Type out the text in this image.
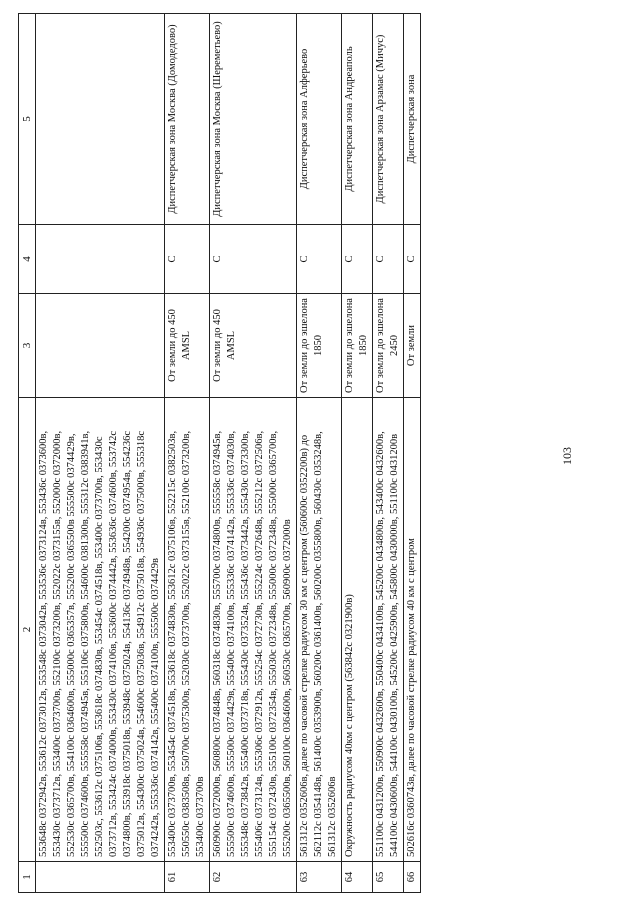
1	2	3	4	5
	553648с 0372942в, 553612с 0373012в, 553548с 0373042в, 553536с 0373124в, 553436с 0373600в, 553430с 0373712в, 553400с 0373700в, 552100с 0373200в, 552022с 0373155в, 552000с 0372000в, 552530с 0365700в, 554100с 0364600в, 555000с 0365357в, 555200с 0365500в 555500с 0374429в, 555500с 0374600в, 555558с 0374945в, 555106с 0375800в, 554600с 0381300в, 555312с 0383941в, 552503с, 553612с 0375106в, 553618с 0374830в, 553454с 0374518в, 553400с 0373700в, 553430с 0373712в, 553424с 0374000в, 553430с 0374106в, 553600с 0374442в, 553636с 0374600в, 553742с 0374800в, 553918с 0375018в, 553948с 0375024в, 554136с 0374948в, 554200с 0374954в, 554236с 0375012в, 554300с 0375024в, 554600с 0375036в, 554912с 0375018в, 554936с 0375000в, 555318с 0374242в, 555336с 0374142в, 555400с 0374100в, 555500с 0374429в			
61	553400с 0373700в, 553454с 0374518в, 553618с 0374830в, 553612с 0375106в, 552215с 0382503в, 550550с 0383508в, 550700с 0375300в, 552030с 0373700в, 552022с 0373155в, 552100с 0373200в, 553400с 0373700в	От земли до 450 AMSL	C	Диспетчерская зона Москва (Домодедово)
62	560900с 0372000в, 560800с 0374848в, 560318с 0374830в, 555700с 0374800в, 555558с 0374945в, 555500с 0374600в, 555500с 0374429в, 555400с 0374100в, 555336с 0374142в, 555336с 0374030в, 555348с 0373842в, 555400с 0373718в, 555430с 0373524в, 555436с 0373442в, 555430с 0373300в, 555406с 0373124в, 555306с 0372912в, 555254с 0372730в, 555224с 0372648в, 555212с 0372506в, 555154с 0372430в, 555100с 0372354в, 555030с 0372348в, 555000с 0372348в, 555000с 0365700в, 555200с 0365500в, 560100с 0364600в, 560530с 0365700в, 560900с 0372000в	От земли до 450 AMSL	C	Диспетчерская зона Москва (Шереметьево)
63	561312с 0352606в, далее по часовой стрелке радиусом 30 км с центром (560600с 0352200в) до 562112с 0354148в, 561400с 0353900в, 560200с 0361400в, 560200с 0355800в, 560430с 0353248в, 561312с 0352606в	От земли до эшелона 1850	C	Диспетчерская зона Алферьево
64	Окружность радиусом 40км с центром (563842с 0321900в)	От земли до эшелона 1850	C	Диспетчерская зона Андреаполь
65	551100с 0431200в, 550900с 0432600в, 550400с 0434100в, 545200с 0434800в, 543400с 0432600в, 544100с 0430600в, 544100с 0430100в, 545200с 0425900в, 545800с 0430000в, 551100с 0431200в	От земли до эшелона 2450	C	Диспетчерская зона Арзамас (Мичус)
66	502616с 0360743в, далее по часовой стрелке радиусом 40 км с центром	От земли	C	Диспетчерская зона
103
